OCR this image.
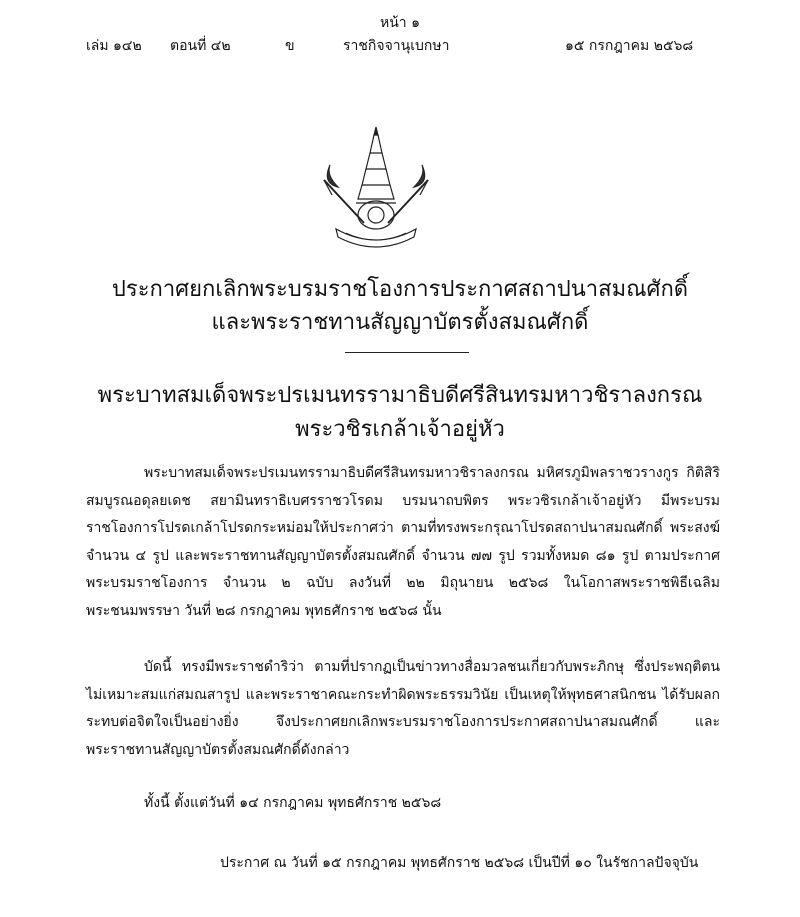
หน้า ๑
เล่ม ๑๔๒ ตอนที่ ๔๒	ข	ราชกิจจานุเบกษา	๑๕ กรกฎาคม ๒๕๖๘
ประกาศยกเลิกพระบรมราชโองการประกาศสถาปนาสมณศักดิ์
และพระราชทานสัญญาบัตรตั้งสมณศักดิ์
พระบาทสมเด็จพระปรเมนทรรามาธิบดีศรีสินทรมหาวชิราลงกรณ
พระวชิรเกล้าเจ้าอยู่หัว

พระบาทสมเด็จพระปรเมนทรรามาธิบดีศรีสินทรมหาวชิราลงกรณ มหิศรภูมิพลราชวรางกูร กิติสิริสมบูรณอดุลยเดช สยามินทราธิเบศรราชวโรดม บรมนาถบพิตร พระวชิรเกล้าเจ้าอยู่หัว มีพระบรมราชโองการโปรดเกล้าโปรดกระหม่อมให้ประกาศว่า ตามที่ทรงพระกรุณาโปรดสถาปนาสมณศักดิ์ พระสงฆ์ จำนวน ๔ รูป และพระราชทานสัญญาบัตรตั้งสมณศักดิ์ จำนวน ๗๗ รูป รวมทั้งหมด ๘๑ รูป ตามประกาศพระบรมราชโองการ จำนวน ๒ ฉบับ ลงวันที่ ๒๒ มิถุนายน ๒๕๖๘ ในโอกาสพระราชพิธีเฉลิมพระชนมพรรษา วันที่ ๒๘ กรกฎาคม พุทธศักราช ๒๕๖๘ นั้น

บัดนี้ ทรงมีพระราชดำริว่า ตามที่ปรากฏเป็นข่าวทางสื่อมวลชนเกี่ยวกับพระภิกษุ ซึ่งประพฤติตน ไม่เหมาะสมแก่สมณสารูป และพระราชาคณะกระทำผิดพระธรรมวินัย เป็นเหตุให้พุทธศาสนิกชน ได้รับผลกระทบต่อจิตใจเป็นอย่างยิ่ง จึงประกาศยกเลิกพระบรมราชโองการประกาศสถาปนาสมณศักดิ์ และพระราชทานสัญญาบัตรตั้งสมณศักดิ์ดังกล่าว

ทั้งนี้ ตั้งแต่วันที่ ๑๔ กรกฎาคม พุทธศักราช ๒๕๖๘

ประกาศ ณ วันที่ ๑๕ กรกฎาคม พุทธศักราช ๒๕๖๘ เป็นปีที่ ๑๐ ในรัชกาลปัจจุบัน
